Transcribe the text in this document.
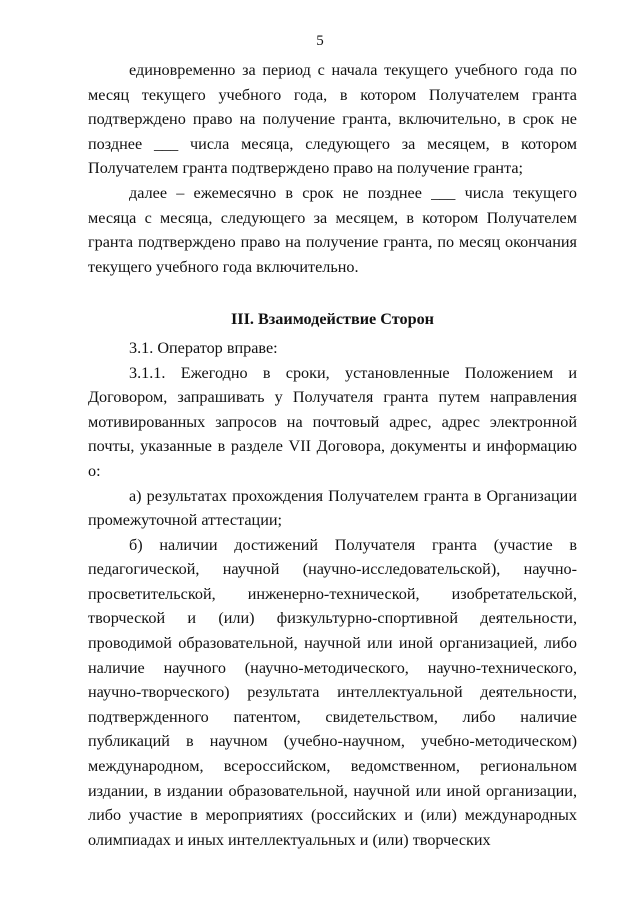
5

единовременно за период с начала текущего учебного года по месяц текущего учебного года, в котором Получателем гранта подтверждено право на получение гранта, включительно, в срок не позднее ___ числа месяца, следующего за месяцем, в котором Получателем гранта подтверждено право на получение гранта;

далее – ежемесячно в срок не позднее ___ числа текущего месяца с месяца, следующего за месяцем, в котором Получателем гранта подтверждено право на получение гранта, по месяц окончания текущего учебного года включительно.

III. Взаимодействие Сторон

3.1. Оператор вправе:

3.1.1. Ежегодно в сроки, установленные Положением и Договором, запрашивать у Получателя гранта путем направления мотивированных запросов на почтовый адрес, адрес электронной почты, указанные в разделе VII Договора, документы и информацию о:

а) результатах прохождения Получателем гранта в Организации промежуточной аттестации;

б) наличии достижений Получателя гранта (участие в педагогической, научной (научно-исследовательской), научно-просветительской, инженерно-технической, изобретательской, творческой и (или) физкультурно-спортивной деятельности, проводимой образовательной, научной или иной организацией, либо наличие научного (научно-методического, научно-технического, научно-творческого) результата интеллектуальной деятельности, подтвержденного патентом, свидетельством, либо наличие публикаций в научном (учебно-научном, учебно-методическом) международном, всероссийском, ведомственном, региональном издании, в издании образовательной, научной или иной организации, либо участие в мероприятиях (российских и (или) международных олимпиадах и иных интеллектуальных и (или) творческих
